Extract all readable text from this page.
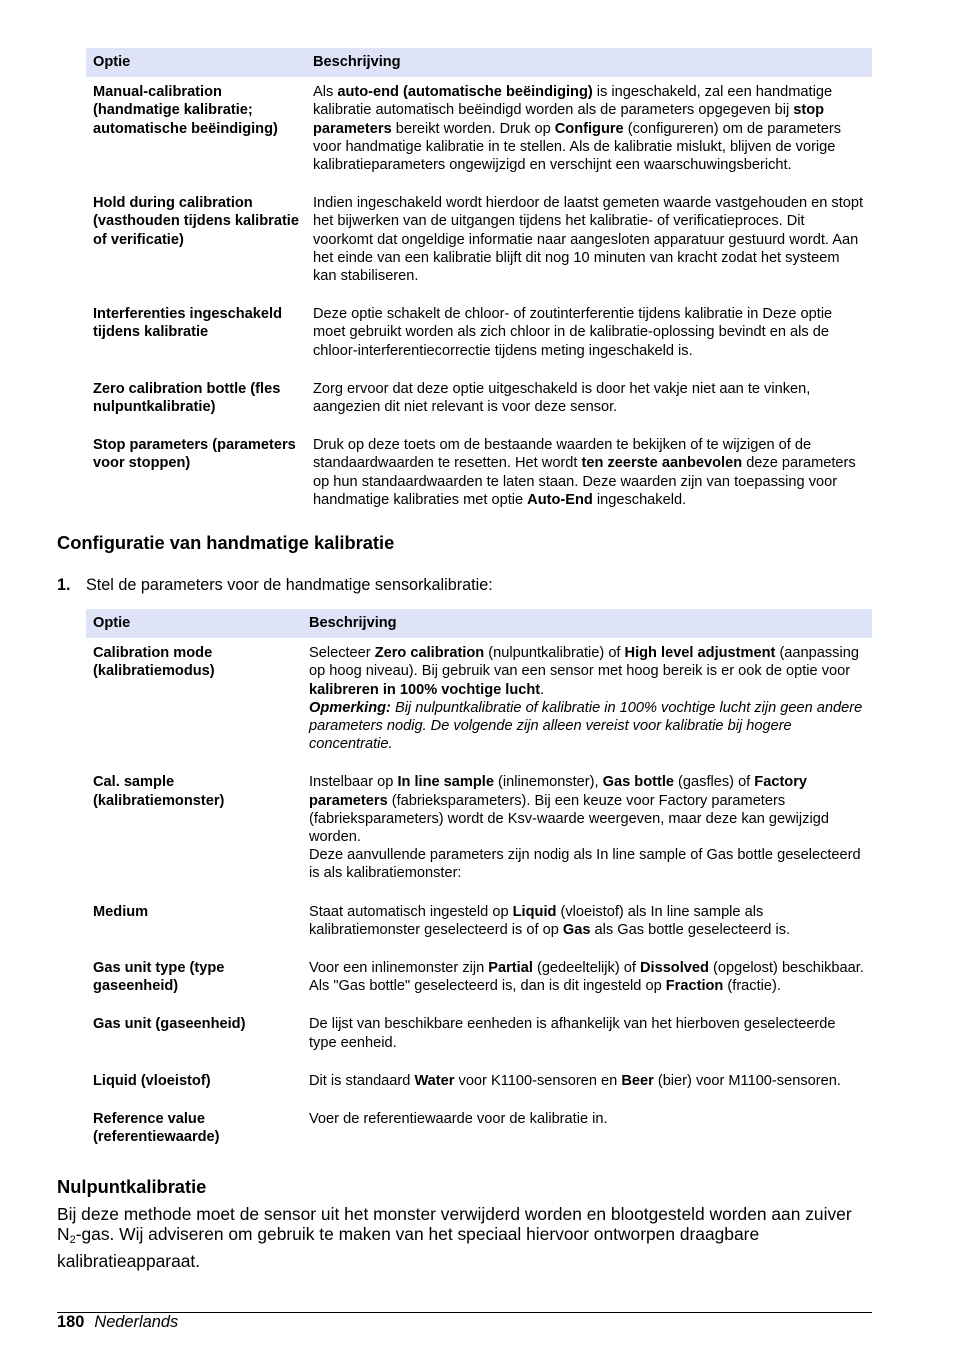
Optie	Beschrijving
Manual-calibration (handmatige kalibratie; automatische beëindiging)	Als auto-end (automatische beëindiging) is ingeschakeld, zal een handmatige kalibratie automatisch beëindigd worden als de parameters opgegeven bij stop parameters bereikt worden. Druk op Configure (configureren) om de parameters voor handmatige kalibratie in te stellen. Als de kalibratie mislukt, blijven de vorige kalibratieparameters ongewijzigd en verschijnt een waarschuwingsbericht.
Hold during calibration (vasthouden tijdens kalibratie of verificatie)	Indien ingeschakeld wordt hierdoor de laatst gemeten waarde vastgehouden en stopt het bijwerken van de uitgangen tijdens het kalibratie- of verificatieproces. Dit voorkomt dat ongeldige informatie naar aangesloten apparatuur gestuurd wordt. Aan het einde van een kalibratie blijft dit nog 10 minuten van kracht zodat het systeem kan stabiliseren.
Interferenties ingeschakeld tijdens kalibratie	Deze optie schakelt de chloor- of zoutinterferentie tijdens kalibratie in Deze optie moet gebruikt worden als zich chloor in de kalibratie-oplossing bevindt en als de chloor-interferentiecorrectie tijdens meting ingeschakeld is.
Zero calibration bottle (fles nulpuntkalibratie)	Zorg ervoor dat deze optie uitgeschakeld is door het vakje niet aan te vinken, aangezien dit niet relevant is voor deze sensor.
Stop parameters (parameters voor stoppen)	Druk op deze toets om de bestaande waarden te bekijken of te wijzigen of de standaardwaarden te resetten. Het wordt ten zeerste aanbevolen deze parameters op hun standaardwaarden te laten staan. Deze waarden zijn van toepassing voor handmatige kalibraties met optie Auto-End ingeschakeld.
Configuratie van handmatige kalibratie
1. Stel de parameters voor de handmatige sensorkalibratie:
Optie	Beschrijving
Calibration mode (kalibratiemodus)	Selecteer Zero calibration (nulpuntkalibratie) of High level adjustment (aanpassing op hoog niveau). Bij gebruik van een sensor met hoog bereik is er ook de optie voor kalibreren in 100% vochtige lucht.
Opmerking: Bij nulpuntkalibratie of kalibratie in 100% vochtige lucht zijn geen andere parameters nodig. De volgende zijn alleen vereist voor kalibratie bij hogere concentratie.
Cal. sample (kalibratiemonster)	Instelbaar op In line sample (inlinemonster), Gas bottle (gasfles) of Factory parameters (fabrieksparameters). Bij een keuze voor Factory parameters (fabrieksparameters) wordt de Ksv-waarde weergeven, maar deze kan gewijzigd worden.
Deze aanvullende parameters zijn nodig als In line sample of Gas bottle geselecteerd is als kalibratiemonster:
Medium	Staat automatisch ingesteld op Liquid (vloeistof) als In line sample als kalibratiemonster geselecteerd is of op Gas als Gas bottle geselecteerd is.
Gas unit type (type gaseenheid)	Voor een inlinemonster zijn Partial (gedeeltelijk) of Dissolved (opgelost) beschikbaar. Als "Gas bottle" geselecteerd is, dan is dit ingesteld op Fraction (fractie).
Gas unit (gaseenheid)	De lijst van beschikbare eenheden is afhankelijk van het hierboven geselecteerde type eenheid.
Liquid (vloeistof)	Dit is standaard Water voor K1100-sensoren en Beer (bier) voor M1100-sensoren.
Reference value (referentiewaarde)	Voer de referentiewaarde voor de kalibratie in.
Nulpuntkalibratie

Bij deze methode moet de sensor uit het monster verwijderd worden en blootgesteld worden aan zuiver $N_2$-gas. Wij adviseren om gebruik te maken van het speciaal hiervoor ontworpen draagbare kalibratieapparaat.

180 Nederlands
